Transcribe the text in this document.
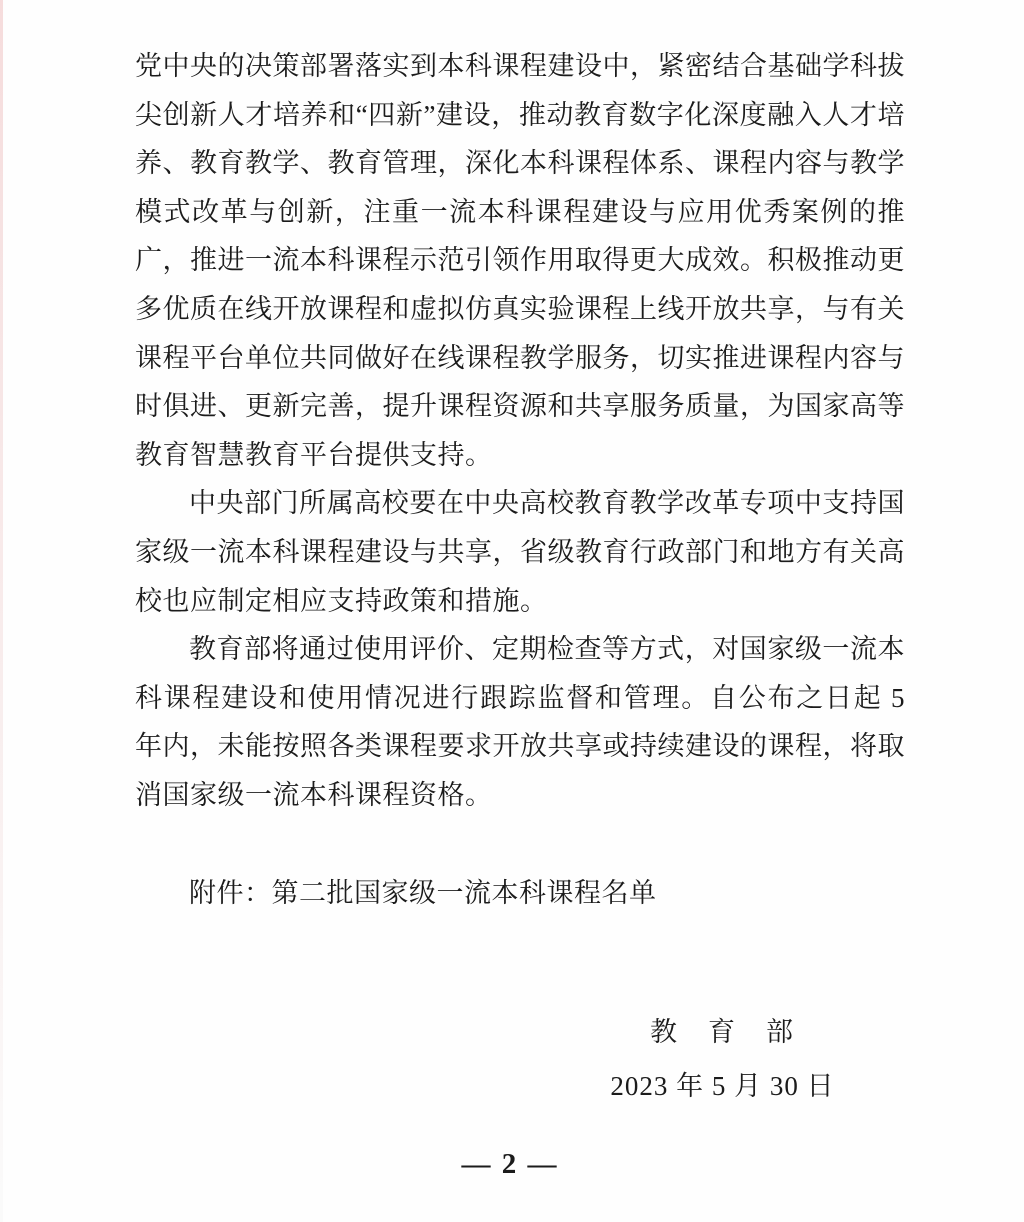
党中央的决策部署落实到本科课程建设中，紧密结合基础学科拔尖创新人才培养和“四新”建设，推动教育数字化深度融入人才培养、教育教学、教育管理，深化本科课程体系、课程内容与教学模式改革与创新，注重一流本科课程建设与应用优秀案例的推广，推进一流本科课程示范引领作用取得更大成效。积极推动更多优质在线开放课程和虚拟仿真实验课程上线开放共享，与有关课程平台单位共同做好在线课程教学服务，切实推进课程内容与时俱进、更新完善，提升课程资源和共享服务质量，为国家高等教育智慧教育平台提供支持。

中央部门所属高校要在中央高校教育教学改革专项中支持国家级一流本科课程建设与共享，省级教育行政部门和地方有关高校也应制定相应支持政策和措施。

教育部将通过使用评价、定期检查等方式，对国家级一流本科课程建设和使用情况进行跟踪监督和管理。自公布之日起 5 年内，未能按照各类课程要求开放共享或持续建设的课程，将取消国家级一流本科课程资格。

附件：第二批国家级一流本科课程名单

教　育　部
2023 年 5 月 30 日
— 2 —
